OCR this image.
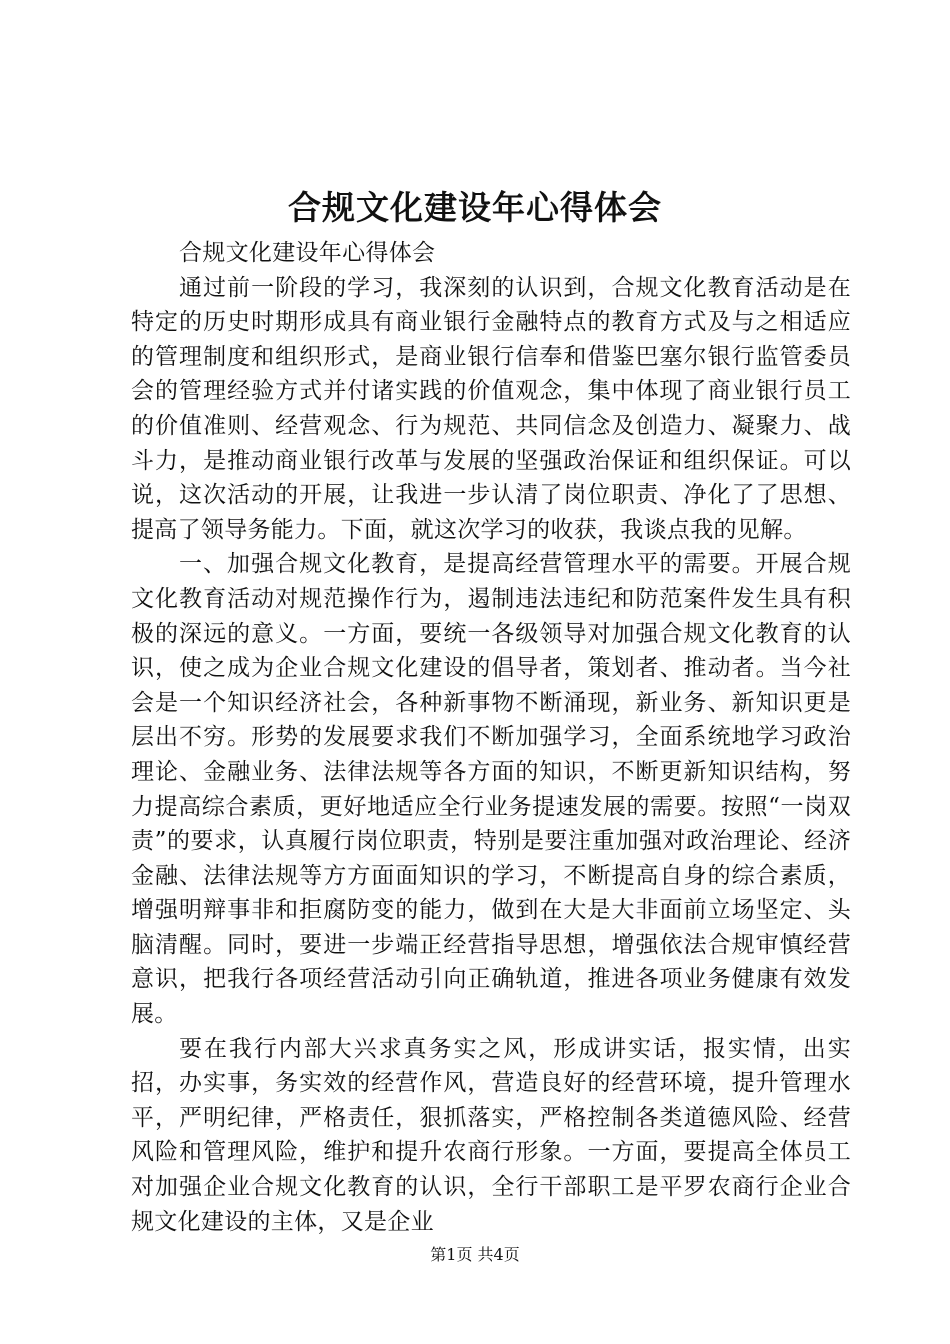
合规文化建设年心得体会

合规文化建设年心得体会

通过前一阶段的学习，我深刻的认识到，合规文化教育活动是在特定的历史时期形成具有商业银行金融特点的教育方式及与之相适应的管理制度和组织形式，是商业银行信奉和借鉴巴塞尔银行监管委员会的管理经验方式并付诸实践的价值观念，集中体现了商业银行员工的价值准则、经营观念、行为规范、共同信念及创造力、凝聚力、战斗力，是推动商业银行改革与发展的坚强政治保证和组织保证。可以说，这次活动的开展，让我进一步认清了岗位职责、净化了了思想、提高了领导务能力。下面，就这次学习的收获，我谈点我的见解。

一、加强合规文化教育，是提高经营管理水平的需要。开展合规文化教育活动对规范操作行为，遏制违法违纪和防范案件发生具有积极的深远的意义。一方面，要统一各级领导对加强合规文化教育的认识，使之成为企业合规文化建设的倡导者，策划者、推动者。当今社会是一个知识经济社会，各种新事物不断涌现，新业务、新知识更是层出不穷。形势的发展要求我们不断加强学习，全面系统地学习政治理论、金融业务、法律法规等各方面的知识，不断更新知识结构，努力提高综合素质，更好地适应全行业务提速发展的需要。按照“一岗双责”的要求，认真履行岗位职责，特别是要注重加强对政治理论、经济金融、法律法规等方方面面知识的学习，不断提高自身的综合素质，增强明辩事非和拒腐防变的能力，做到在大是大非面前立场坚定、头脑清醒。同时，要进一步端正经营指导思想，增强依法合规审慎经营意识，把我行各项经营活动引向正确轨道，推进各项业务健康有效发展。

要在我行内部大兴求真务实之风，形成讲实话，报实情，出实招，办实事，务实效的经营作风，营造良好的经营环境，提升管理水平，严明纪律，严格责任，狠抓落实，严格控制各类道德风险、经营风险和管理风险，维护和提升农商行形象。一方面，要提高全体员工对加强企业合规文化教育的认识，全行干部职工是平罗农商行企业合规文化建设的主体，又是企业

第1页 共4页
